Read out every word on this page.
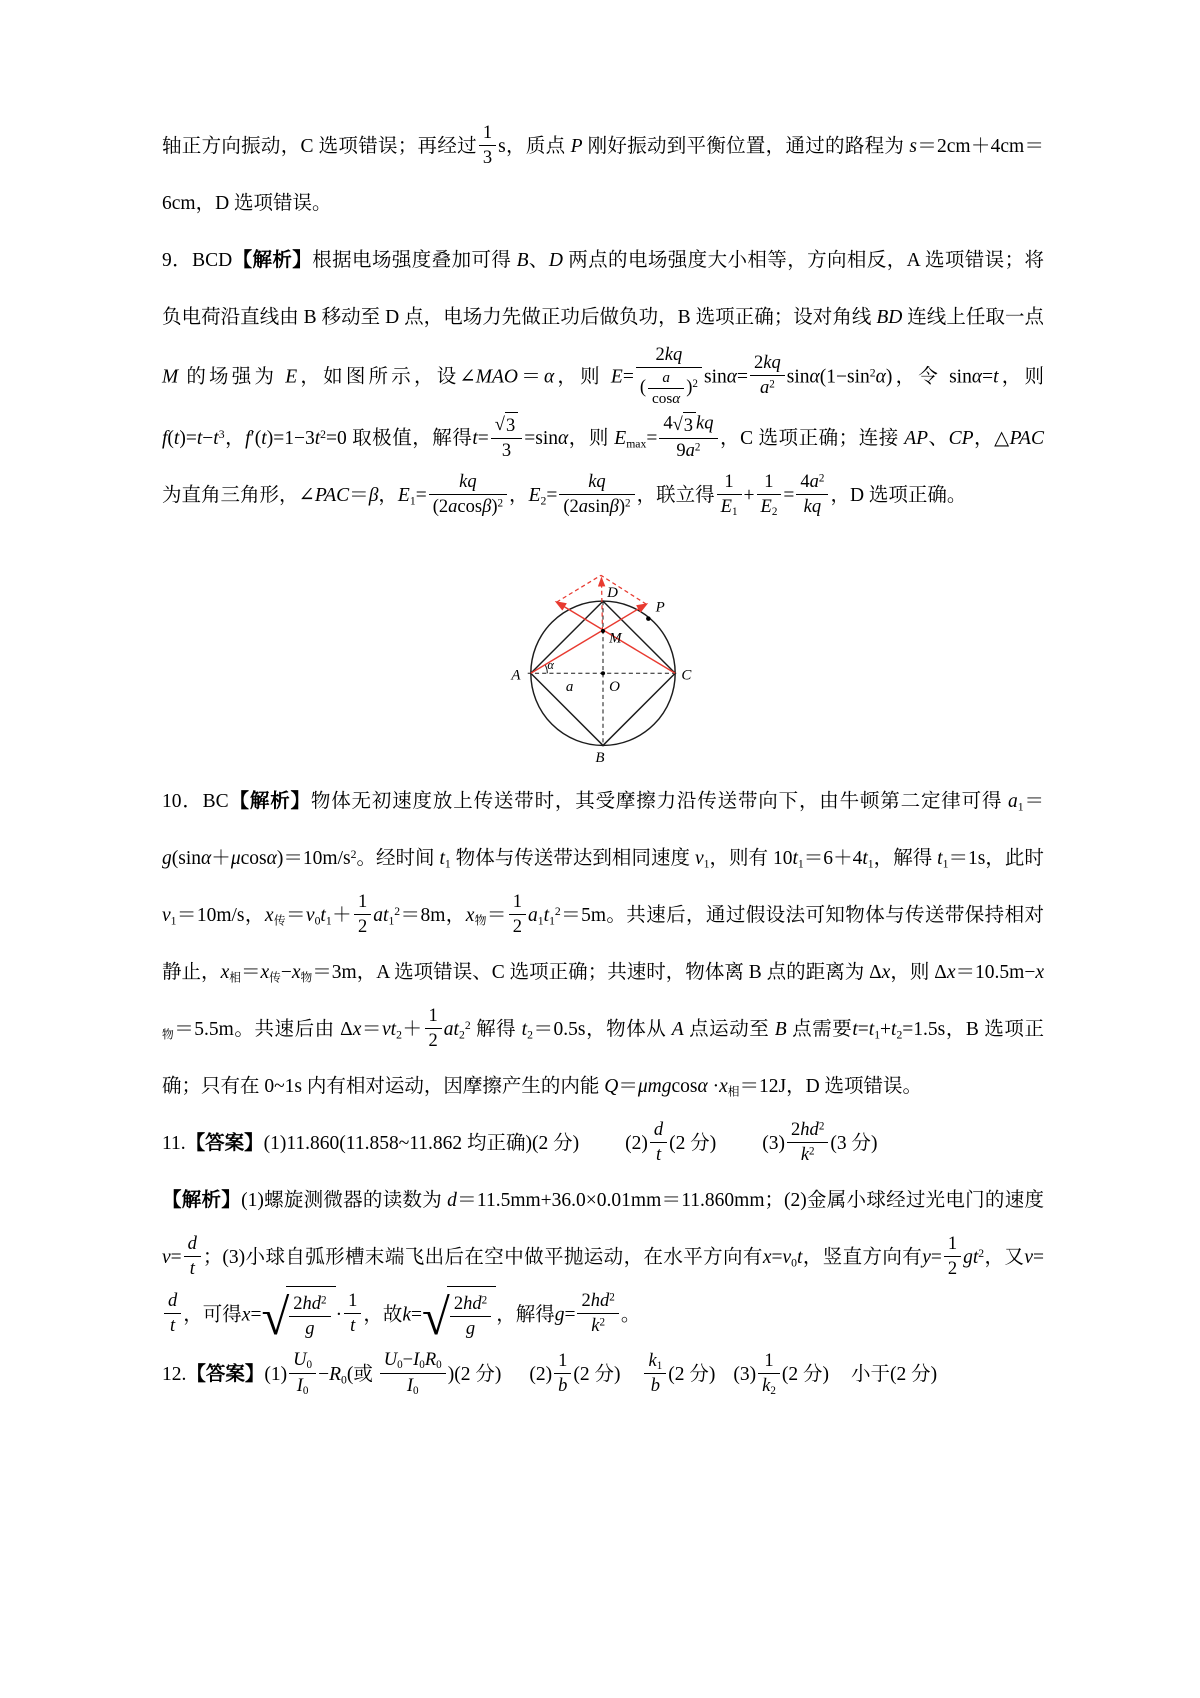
轴正方向振动，C 选项错误；再经过 $\frac{1}{3}$ s，质点 P 刚好振动到平衡位置，通过的路程为 s＝2cm＋4cm＝6cm，D 选项错误。
9．BCD【解析】根据电场强度叠加可得 B、D 两点的电场强度大小相等，方向相反，A 选项错误；将负电荷沿直线由 B 移动至 D 点，电场力先做正功后做负功，B 选项正确；设对角线 BD 连线上任取一点 M 的场强为 E，如图所示，设∠MAO＝α，则 $E= \frac{2kq}{( \frac{a}{\cos\alpha} )^2} \sin\alpha= \frac{2kq}{a^2} \sin\alpha(1-\sin^2\alpha)$，令 sinα=t，则 $f(t)=t-t^3$，$f'(t)=1-3t^2=0$ 取极值，解得$t= \frac{√ 3}{3} =\sin\alpha$，则 $Emax= \frac{4 √ 3 kq}{9a^2}$ ，C 选项正确；连接 AP、CP，△PAC 为直角三角形，∠PAC＝β，$E1= \frac{kq}{(2acos\beta)^2}$ ，$E2= \frac{kq}{(2asin\beta)^2}$ ，联立得 $\frac{1}{E1} + \frac{1}{E2} = \frac{4a^2}{kq}$ ，D 选项正确。
D
P
M
A	C
O
B
α
a
10．BC【解析】物体无初速度放上传送带时，其受摩擦力沿传送带向下，由牛顿第二定律可得 $a1=g(\sin\alpha+\mu\cos\alpha)=10m/s^2$。经时间 t1 物体与传送带达到相同速度 v1，则有 10t1＝6＋4t1，解得 t1＝1s，此时 v1＝10m/s，x传$=v0t1+ \frac{1}{2} at1^2=8m$，x物＝ $\frac{1}{2} a1t1^2=5m$。共速后，通过假设法可知物体与传送带保持相对静止，x相＝x传−x物＝3m，A 选项错误、C 选项正确；共速时，物体离 B 点的距离为 Δx，则 Δx＝10.5m−x物＝5.5m。共速后由 $\Delta x=vt2+ \frac{1}{2} at2^2$ 解得 t2＝0.5s，物体从 A 点运动至 B 点需要t=t1+t2=1.5s，B 选项正确；只有在 0~1s 内有相对运动，因摩擦产生的内能 Q＝μmgcosα ·x相＝12J，D 选项错误。
11.【答案】(1)11.860(11.858~11.862 均正确)(2 分) $(2) \frac{d}{t} (2$ 分) $(3) \frac{2hd^2}{k^2} (3$ 分)
【解析】(1)螺旋测微器的读数为 d＝11.5mm+36.0×0.01mm＝11.860mm；(2)金属小球经过光电门的速度$v= \frac{d}{t}$ ；(3)小球自弧形槽末端飞出后在空中做平抛运动，在水平方向有x=v0t，竖直方向有$y= \frac{1}{2} gt^2$，又v=
$\frac{d}{t}$ ，可得x= √ $\frac{2hd^2}{g} \cdot \frac{1}{t}$ ，故k= √ $\frac{2hd^2}{g}$ ，解得$g= \frac{2hd^2}{k^2}$ 。
12.【答案】$(1) \frac{U0}{I0} -R0$(或 $\frac{U0-I0R0}{I0} )(2$ 分) $(2) \frac{1}{b} (2$ 分) $\frac{k1}{b} (2$ 分) $(3) \frac{1}{k2} (2$ 分) 小于(2 分)
